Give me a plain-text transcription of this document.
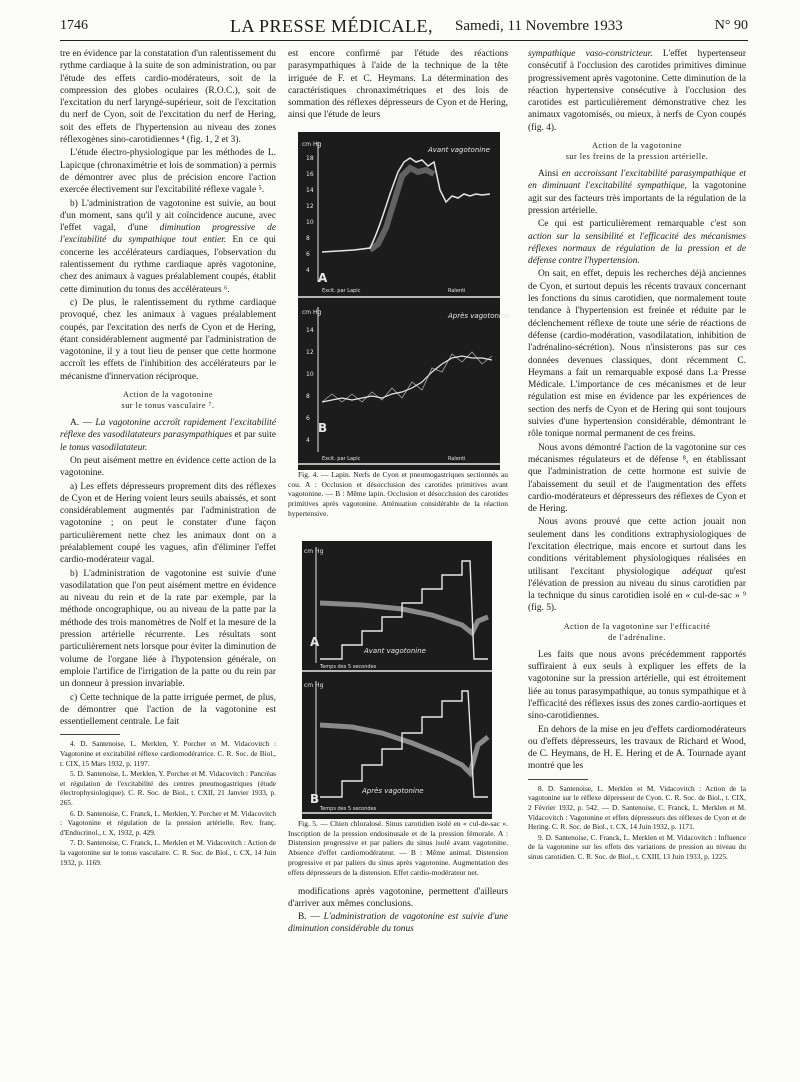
1746	LA PRESSE MÉDICALE, Samedi, 11 Novembre 1933	N° 90

tre en évidence par la constatation d'un ralentissement du rythme cardiaque à la suite de son administration, ou par l'étude des effets cardio-modérateurs, soit de la compression des globes oculaires (R.O.C.), soit de l'excitation du nerf laryngé-supérieur, soit de l'excitation du nerf de Cyon, soit de l'excitation du nerf de Hering, soit des effets de l'hypertension au niveau des zones réflexogènes sino-carotidiennes ⁴ (fig. 1, 2 et 3).

L'étude électro-physiologique par les méthodes de L. Lapicque (chronaximétrie et lois de sommation) a permis de démontrer avec plus de précision encore l'action exercée électivement sur l'excitabilité réflexe vagale ⁵.

b) L'administration de vagotonine est suivie, au bout d'un moment, sans qu'il y ait coïncidence aucune, avec l'effet vagal, d'une diminution progressive de l'excitabilité du sympathique tout entier. En ce qui concerne les accélérateurs cardiaques, l'observation du ralentissement du rythme cardiaque après vagotonine, chez des animaux à vagues préalablement coupés, établit cette diminution du tonus des accélérateurs ⁶.

c) De plus, le ralentissement du rythme cardiaque provoqué, chez les animaux à vagues préalablement coupés, par l'excitation des nerfs de Cyon et de Hering, étant considérablement augmenté par l'administration de vagotonine, il y a tout lieu de penser que cette hormone accroît les effets de l'inhibition des accélérateurs par le mécanisme d'innervation réciproque.

Action de la vagotonine
sur le tonus vasculaire ⁷.

A. — La vagotonine accroît rapidement l'excitabilité réflexe des vasodilatateurs parasympathiques et par suite le tonus vasodilatateur.

On peut aisément mettre en évidence cette action de la vagotonine.

a) Les effets dépresseurs proprement dits des réflexes de Cyon et de Hering voient leurs seuils abaissés, et sont considérablement augmentés par l'administration de vagotonine ; on peut le constater d'une façon particulièrement nette chez les animaux dont on a préalablement coupé les vagues, afin d'éliminer l'effet cardio-modérateur vagal.

b) L'administration de vagotonine est suivie d'une vasodilatation que l'on peut aisément mettre en évidence au niveau du rein et de la rate par exemple, par la méthode oncographique, ou au niveau de la patte par la méthode des trois manomètres de Nolf et la mesure de la pression artérielle récurrente. Les résultats sont particulièrement nets lorsque pour éviter la diminution de volume de l'organe liée à l'hypotension générale, on emploie l'artifice de l'irrigation de la patte ou du rein par un donneur à pression invariable.

c) Cette technique de la patte irriguée permet, de plus, de démontrer que l'action de la vagotonine est essentiellement centrale. Le fait

4. D. Santenoise, L. Merklen, Y. Porcher et M. Vidacovitch : Vagotonine et excitabilité réflexe cardiomodératrice. C. R. Soc. de Biol., t. CIX, 15 Mars 1932, p. 1197.

5. D. Santenoise, L. Merklen, Y. Porcher et M. Vidacovitch : Pancréas et régulation de l'excitabilité des centres pneumogastriques (étude électrophysiologique). C. R. Soc. de Biol., t. CXII, 21 Janvier 1933, p. 265.

6. D. Santenoise, C. Franck, L. Merklen, Y. Porcher et M. Vidacovitch : Vagotonine et régulation de la pression artérielle. Rev. franç. d'Endocrinol., t. X, 1932, p. 429.

7. D. Santenoise, C. Franck, L. Merklen et M. Vidacovitch : Action de la vagotonine sur le tonus vasculaire. C. R. Soc. de Biol., t. CX, 14 Juin 1932, p. 1169.

est encore confirmé par l'étude des réactions parasympathiques à l'aide de la technique de la tête irriguée de F. et C. Heymans. La détermination des caractéristiques chronaximétriques et des lois de sommation des réflexes dépresseurs de Cyon et de Hering, ainsi que l'étude de leurs

cm Hg
18
16
14
12
10
8
6
4
Avant vagotonine
A
Excit. par Lapic	Ralenti
cm Hg
14
12
10
8
6
4
Après vagotonine
B
Excit. par Lapic	Ralenti

Fig. 4. — Lapin. Nerfs de Cyon et pneumogastriques sectionnés au cou. A : Occlusion et désocclusion des carotides primitives avant vagotonine. — B : Même lapin. Occlusion et désocclusion des carotides primitives après vagotonine. Atténuation considérable de la réaction hypertensive.

cm Hg
A
Avant vagotonine
Temps des 5 secondes
cm Hg
B
Après vagotonine
Temps des 5 secondes

Fig. 5. — Chien chloralosé. Sinus carotidien isolé en « cul-de-sac ». Inscription de la pression endosinusale et de la pression fémorale. A : Distension progressive et par paliers du sinus isolé avant vagotonine. Absence d'effet cardiomodérateur. — B : Même animal. Distension progressive et par paliers du sinus après vagotonine. Augmentation des effets dépresseurs de la distension. Effet cardio-modérateur net.

modifications après vagotonine, permettent d'ailleurs d'arriver aux mêmes conclusions.

B. — L'administration de vagotonine est suivie d'une diminution considérable du tonus

sympathique vaso-constricteur. L'effet hypertenseur consécutif à l'occlusion des carotides primitives diminue progressivement après vagotonine. Cette diminution de la réaction hypertensive consécutive à l'occlusion des carotides est particulièrement démonstrative chez les animaux vagotomisés, ou mieux, à nerfs de Cyon coupés (fig. 4).

Action de la vagotonine
sur les freins de la pression artérielle.

Ainsi en accroissant l'excitabilité parasympathique et en diminuant l'excitabilité sympathique, la vagotonine agit sur des facteurs très importants de la régulation de la pression artérielle.

Ce qui est particulièrement remarquable c'est son action sur la sensibilité et l'efficacité des mécanismes réflexes normaux de régulation de la pression et de défense contre l'hypertension.

On sait, en effet, depuis les recherches déjà anciennes de Cyon, et surtout depuis les récents travaux concernant les fonctions du sinus carotidien, que normalement toute tendance à l'hypertension est freinée et réduite par le déclenchement réflexe de toute une série de réactions de défense (cardio-modération, vasodilatation, inhibition de l'adrénalino-sécrétion). Nous n'insisterons pas sur ces données devenues classiques, dont récemment C. Heymans a fait un remarquable exposé dans La Presse Médicale. L'importance de ces mécanismes et de leur régulation est mise en évidence par les expériences de section des nerfs de Cyon et de Hering qui sont toujours suivies d'une hypertension considérable, démontrant le rôle tonique normal permanent de ces freins.

Nous avons démontré l'action de la vagotonine sur ces mécanismes régulateurs et de défense ⁸, en établissant que l'administration de cette hormone est suivie de l'abaissement du seuil et de l'augmentation des effets cardio-modérateurs et dépresseurs des réflexes de Cyon et de Hering.

Nous avons prouvé que cette action jouait non seulement dans les conditions extraphysiologiques de l'excitation électrique, mais encore et surtout dans les conditions véritablement physiologiques réalisées en utilisant l'excitant physiologique adéquat qu'est l'élévation de pression au niveau du sinus carotidien par la technique du sinus carotidien isolé en « cul-de-sac » ⁹ (fig. 5).

Action de la vagotonine sur l'efficacité
de l'adrénaline.

Les faits que nous avons précédemment rapportés suffiraient à eux seuls à expliquer les effets de la vagotonine sur la pression artérielle, qui est étroitement liée au tonus parasympathique, au tonus sympathique et à l'efficacité des réflexes issus des zones cardio-aortiques et sino-carotidiennes.

En dehors de la mise en jeu d'effets cardiomodérateurs ou d'effets dépresseurs, les travaux de Richard et Wood, de C. Heymans, de H. E. Hering et de A. Tournade ayant montré que les

8. D. Santenoise, L. Merklen et M. Vidacovitch : Action de la vagotonine sur le réflexe dépresseur de Cyon. C. R. Soc. de Biol., t. CIX, 2 Février 1932, p. 542. — D. Santenoise, C. Franck, L. Merklen et M. Vidacovitch : Vagotonine et effets dépresseurs des réflexes de Cyon et de Hering. C. R. Soc. de Biol., t. CX, 14 Juin 1932, p. 1171.

9. D. Santenoise, C. Franck, L. Merklen et M. Vidacovitch : Influence de la vagotonine sur les effets des variations de pression au niveau du sinus carotidien. C. R. Soc. de Biol., t. CXIII, 13 Juin 1933, p. 1225.
